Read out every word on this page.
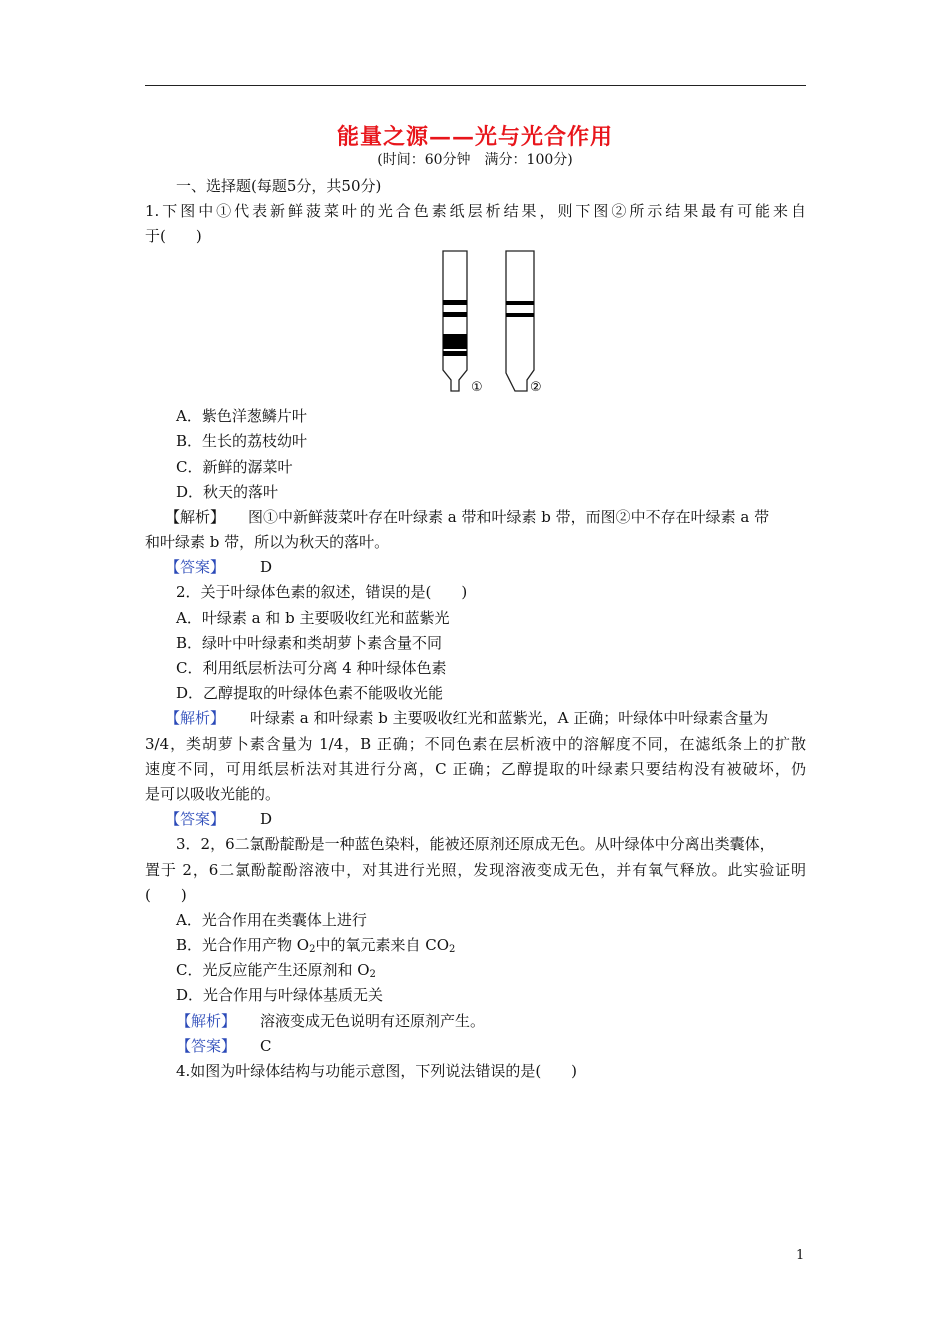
能量之源——光与光合作用
(时间：60分钟　满分：100分)
一、选择题(每题5分，共50分)
1.下图中①代表新鲜菠菜叶的光合色素纸层析结果，则下图②所示结果最有可能来自
于(　　)
①	②
A．紫色洋葱鳞片叶
B．生长的荔枝幼叶
C．新鲜的潺菜叶
D．秋天的落叶
【解析】 图①中新鲜菠菜叶存在叶绿素 a 带和叶绿素 b 带，而图②中不存在叶绿素 a 带
和叶绿素 b 带，所以为秋天的落叶。
【答案】 D
2．关于叶绿体色素的叙述，错误的是(　　)
A．叶绿素 a 和 b 主要吸收红光和蓝紫光
B．绿叶中叶绿素和类胡萝卜素含量不同
C．利用纸层析法可分离 4 种叶绿体色素
D．乙醇提取的叶绿体色素不能吸收光能
【解析】 叶绿素 a 和叶绿素 b 主要吸收红光和蓝紫光，A 正确；叶绿体中叶绿素含量为
3/4，类胡萝卜素含量为 1/4，B 正确；不同色素在层析液中的溶解度不同，在滤纸条上的扩散
速度不同，可用纸层析法对其进行分离，C 正确；乙醇提取的叶绿素只要结构没有被破坏，仍
是可以吸收光能的。
【答案】 D
3．2，6二氯酚靛酚是一种蓝色染料，能被还原剂还原成无色。从叶绿体中分离出类囊体，
置于 2，6二氯酚靛酚溶液中，对其进行光照，发现溶液变成无色，并有氧气释放。此实验证明
(　　)
A．光合作用在类囊体上进行
B．光合作用产物 $O_2$中的氧元素来自 $CO_2$
C．光反应能产生还原剂和 $O_2$
D．光合作用与叶绿体基质无关
【解析】 溶液变成无色说明有还原剂产生。
【答案】 C
4.如图为叶绿体结构与功能示意图，下列说法错误的是(　　)
1
